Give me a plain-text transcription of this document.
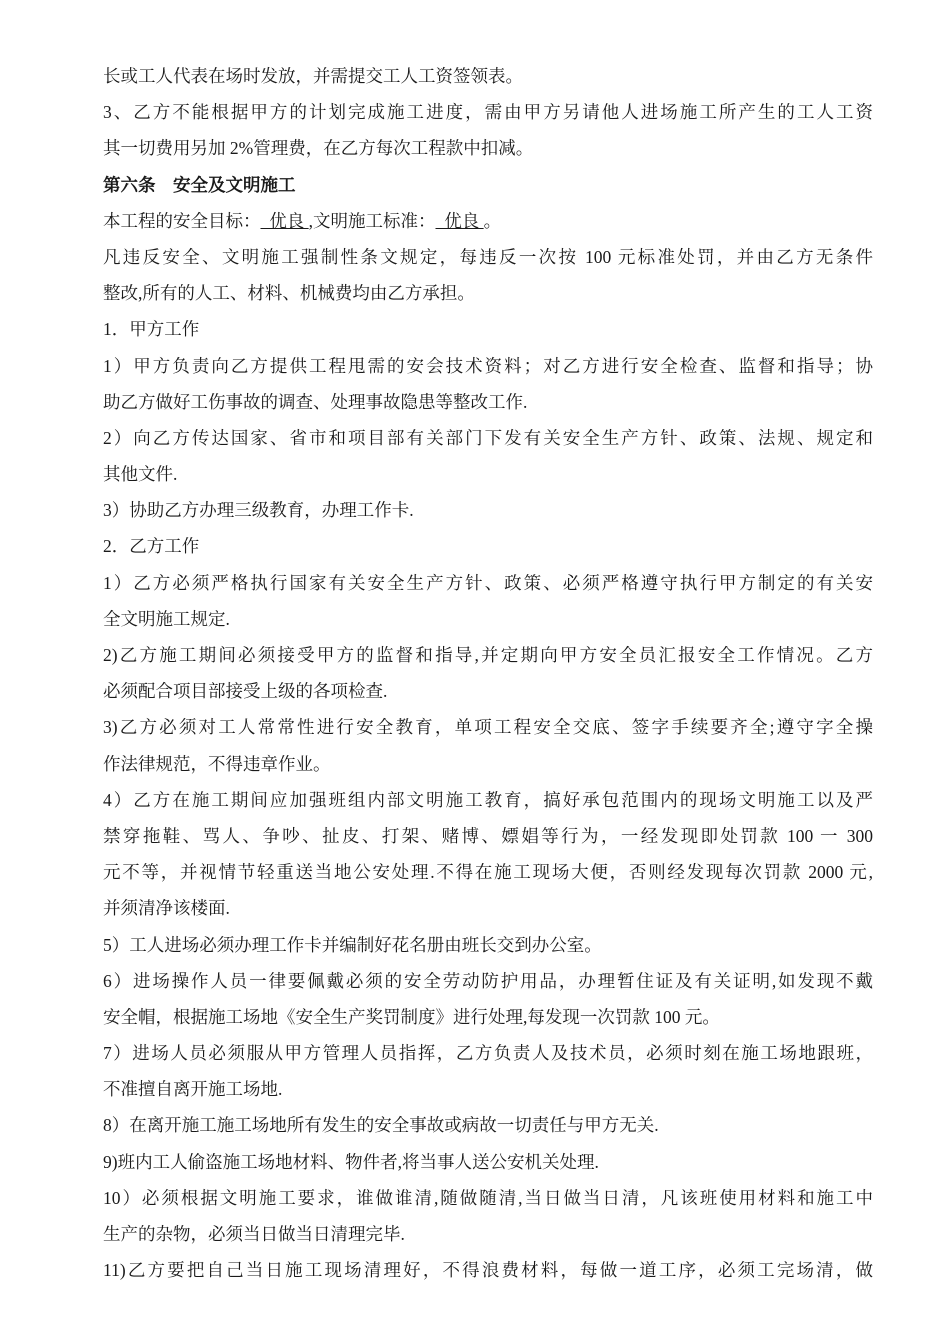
长或工人代表在场时发放，并需提交工人工资签领表。
3、乙方不能根据甲方的计划完成施工进度，需由甲方另请他人进场施工所产生的工人工资
其一切费用另加 2%管理费，在乙方每次工程款中扣减。
第六条　安全及文明施工
本工程的安全目标：  优良 ,文明施工标准：  优良 。
凡违反安全、文明施工强制性条文规定，每违反一次按 100 元标准处罚，并由乙方无条件
整改,所有的人工、材料、机械费均由乙方承担。
1．甲方工作
1）甲方负责向乙方提供工程甩需的安会技术资料；对乙方进行安全检查、监督和指导；协
助乙方做好工伤事故的调查、处理事故隐患等整改工作.
2）向乙方传达国家、省市和项目部有关部门下发有关安全生产方针、政策、法规、规定和
其他文件.
3）协助乙方办理三级教育，办理工作卡.
2．乙方工作
1）乙方必须严格执行国家有关安全生产方针、政策、必须严格遵守执行甲方制定的有关安
全文明施工规定.
2)乙方施工期间必须接受甲方的监督和指导,并定期向甲方安全员汇报安全工作情况。乙方
必须配合项目部接受上级的各项检查.
3)乙方必须对工人常常性进行安全教育，单项工程安全交底、签字手续要齐全;遵守字全操
作法律规范，不得违章作业。
4）乙方在施工期间应加强班组内部文明施工教育，搞好承包范围内的现场文明施工以及严
禁穿拖鞋、骂人、争吵、扯皮、打架、赌博、嫖娼等行为，一经发现即处罚款 100 一 300
元不等，并视情节轻重送当地公安处理.不得在施工现场大便，否则经发现每次罚款 2000 元,
并须清净该楼面.
5）工人进场必须办理工作卡并编制好花名册由班长交到办公室。
6）进场操作人员一律要佩戴必须的安全劳动防护用品，办理暂住证及有关证明,如发现不戴
安全帽，根据施工场地《安全生产奖罚制度》进行处理,每发现一次罚款 100 元。
7）进场人员必须服从甲方管理人员指挥，乙方负责人及技术员，必须时刻在施工场地跟班，
不准擅自离开施工场地.
8）在离开施工施工场地所有发生的安全事故或病故一切责任与甲方无关.
9)班内工人偷盗施工场地材料、物件者,将当事人送公安机关处理.
10）必须根据文明施工要求，谁做谁清,随做随清,当日做当日清，凡该班使用材料和施工中
生产的杂物，必须当日做当日清理完毕.
11)乙方要把自己当日施工现场清理好，不得浪费材料，每做一道工序，必须工完场清，做
